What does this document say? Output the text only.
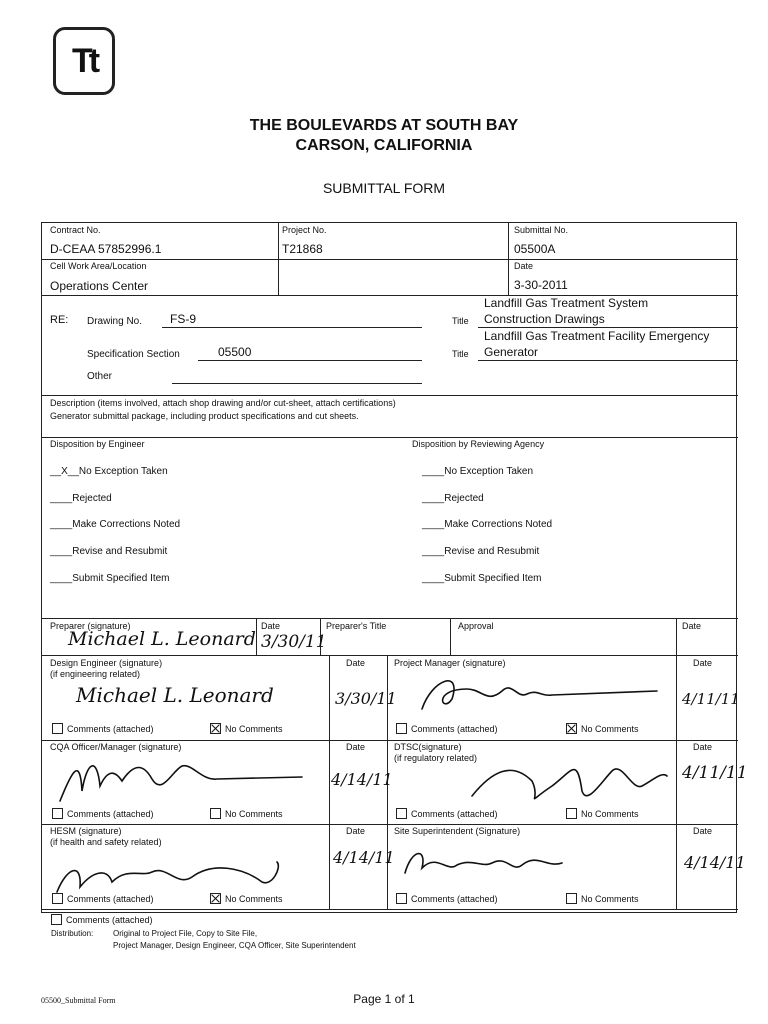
Tt
THE BOULEVARDS AT SOUTH BAY
CARSON, CALIFORNIA
SUBMITTAL FORM
Contract No.
D-CEAA 57852996.1
Project No.
T21868
Submittal No.
05500A
Cell Work Area/Location
Operations Center
Date
3-30-2011
RE: Drawing No. FS-9	Title
Landfill Gas Treatment System
Construction Drawings
Specification Section	05500	Title
Landfill Gas Treatment Facility Emergency
Generator
Other
Description (items involved, attach shop drawing and/or cut-sheet, attach certifications)
Generator submittal package, including product specifications and cut sheets.
Disposition by Engineer	Disposition by Reviewing Agency
__X__No Exception Taken
____Rejected
____Make Corrections Noted
____Revise and Resubmit
____Submit Specified Item
____No Exception Taken
____Rejected
____Make Corrections Noted
____Revise and Resubmit
____Submit Specified Item
Preparer (signature)
Michael L. Leonard
Date
3/30/11
Preparer's Title	Approval	Date
Design Engineer (signature)
(if engineering related)
Michael L. Leonard
Comments (attached)	No Comments
Date
3/30/11
Project Manager (signature)
Comments (attached)	No Comments
Date
4/11/11
CQA Officer/Manager (signature)
Comments (attached)	No Comments
Date
4/14/11
DTSC(signature)
(if regulatory related)
Comments (attached)	No Comments
Date
4/11/11
HESM (signature)
(if health and safety related)
Comments (attached)	No Comments
Date
4/14/11
Site Superintendent (Signature)
Comments (attached)	No Comments
Date
4/14/11
Comments (attached)
Distribution: Original to Project File, Copy to Site File,
Project Manager, Design Engineer, CQA Officer, Site Superintendent
05500_Submittal Form	Page 1 of 1
